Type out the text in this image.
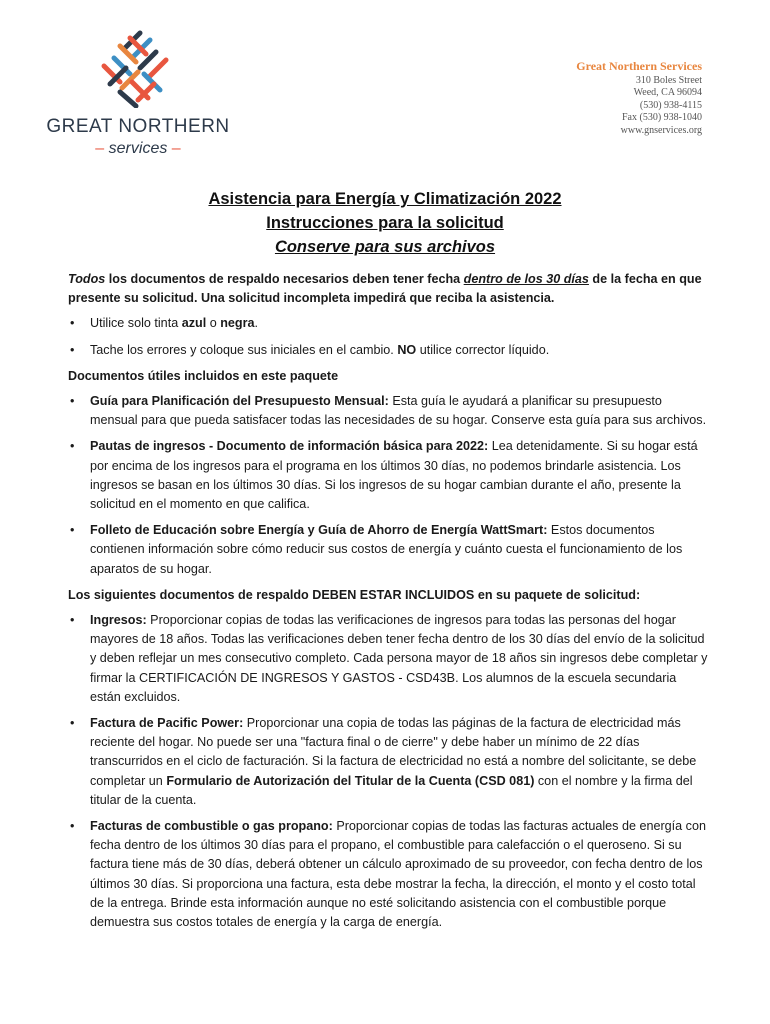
GREAT NORTHERN
– services –
Great Northern Services
310 Boles Street
Weed, CA 96094
(530) 938-4115
Fax (530) 938-1040
www.gnservices.org
Asistencia para Energía y Climatización 2022
Instrucciones para la solicitud
Conserve para sus archivos

Todos los documentos de respaldo necesarios deben tener fecha dentro de los 30 días de la fecha en que presente su solicitud. Una solicitud incompleta impedirá que reciba la asistencia.

• Utilice solo tinta azul o negra.
• Tache los errores y coloque sus iniciales en el cambio. NO utilice corrector líquido.

Documentos útiles incluidos en este paquete

• Guía para Planificación del Presupuesto Mensual: Esta guía le ayudará a planificar su presupuesto mensual para que pueda satisfacer todas las necesidades de su hogar. Conserve esta guía para sus archivos.
• Pautas de ingresos - Documento de información básica para 2022: Lea detenidamente. Si su hogar está por encima de los ingresos para el programa en los últimos 30 días, no podemos brindarle asistencia. Los ingresos se basan en los últimos 30 días. Si los ingresos de su hogar cambian durante el año, presente la solicitud en el momento en que califica.
• Folleto de Educación sobre Energía y Guía de Ahorro de Energía WattSmart: Estos documentos contienen información sobre cómo reducir sus costos de energía y cuánto cuesta el funcionamiento de los aparatos de su hogar.

Los siguientes documentos de respaldo DEBEN ESTAR INCLUIDOS en su paquete de solicitud:

• Ingresos: Proporcionar copias de todas las verificaciones de ingresos para todas las personas del hogar mayores de 18 años. Todas las verificaciones deben tener fecha dentro de los 30 días del envío de la solicitud y deben reflejar un mes consecutivo completo. Cada persona mayor de 18 años sin ingresos debe completar y firmar la CERTIFICACIÓN DE INGRESOS Y GASTOS - CSD43B. Los alumnos de la escuela secundaria están excluidos.
• Factura de Pacific Power: Proporcionar una copia de todas las páginas de la factura de electricidad más reciente del hogar. No puede ser una "factura final o de cierre" y debe haber un mínimo de 22 días transcurridos en el ciclo de facturación. Si la factura de electricidad no está a nombre del solicitante, se debe completar un Formulario de Autorización del Titular de la Cuenta (CSD 081) con el nombre y la firma del titular de la cuenta.
• Facturas de combustible o gas propano: Proporcionar copias de todas las facturas actuales de energía con fecha dentro de los últimos 30 días para el propano, el combustible para calefacción o el queroseno. Si su factura tiene más de 30 días, deberá obtener un cálculo aproximado de su proveedor, con fecha dentro de los últimos 30 días. Si proporciona una factura, esta debe mostrar la fecha, la dirección, el monto y el costo total de la entrega. Brinde esta información aunque no esté solicitando asistencia con el combustible porque demuestra sus costos totales de energía y la carga de energía.
